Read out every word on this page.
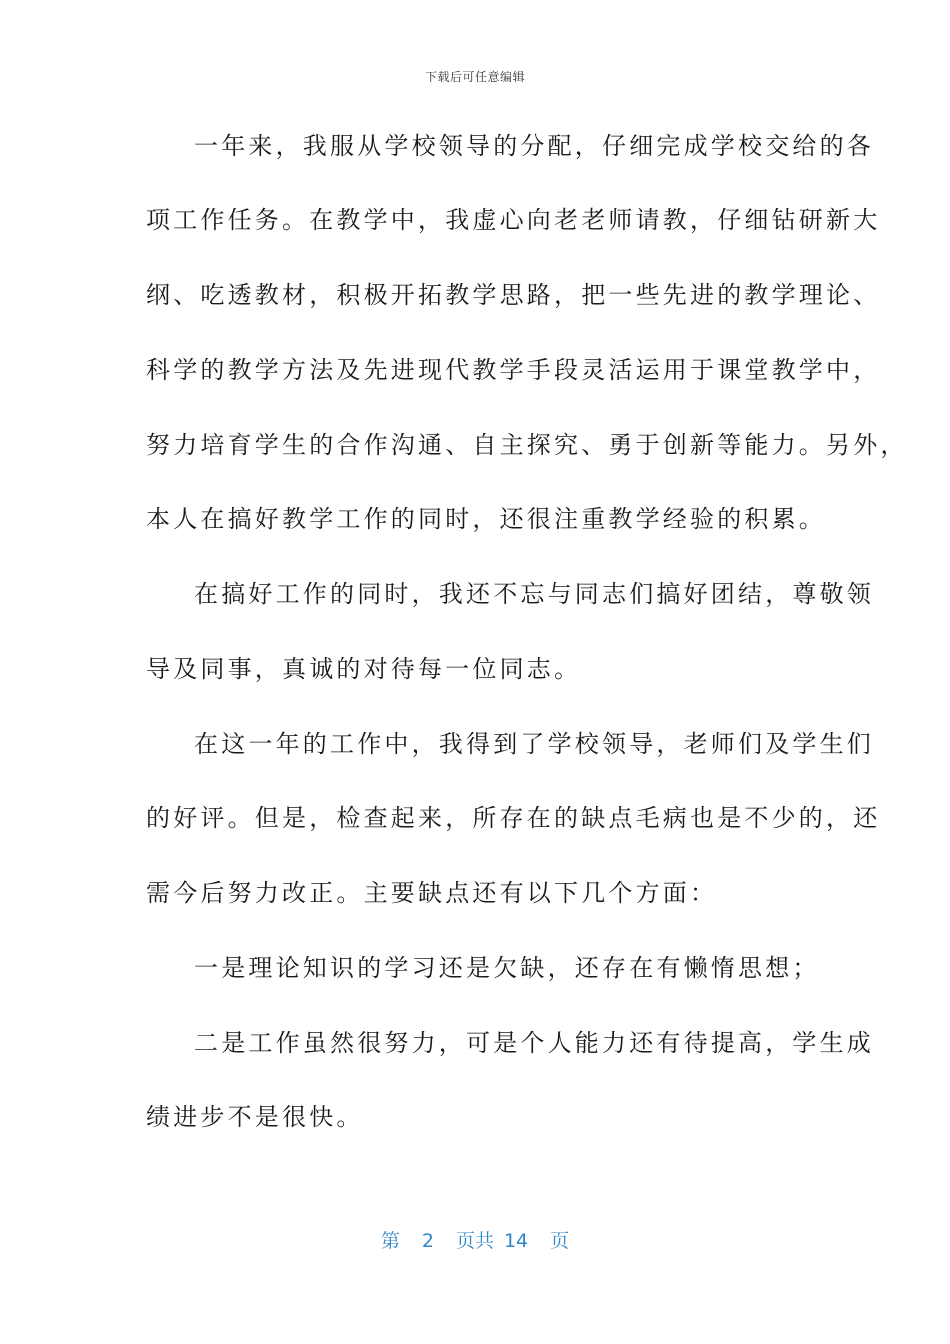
下载后可任意编辑
一年来，我服从学校领导的分配，仔细完成学校交给的各
项工作任务。在教学中，我虚心向老老师请教，仔细钻研新大
纲、吃透教材，积极开拓教学思路，把一些先进的教学理论、
科学的教学方法及先进现代教学手段灵活运用于课堂教学中，
努力培育学生的合作沟通、自主探究、勇于创新等能力。另外，
本人在搞好教学工作的同时，还很注重教学经验的积累。
在搞好工作的同时，我还不忘与同志们搞好团结，尊敬领
导及同事，真诚的对待每一位同志。
在这一年的工作中，我得到了学校领导，老师们及学生们
的好评。但是，检查起来，所存在的缺点毛病也是不少的，还
需今后努力改正。主要缺点还有以下几个方面：
一是理论知识的学习还是欠缺，还存在有懒惰思想；
二是工作虽然很努力，可是个人能力还有待提高，学生成
绩进步不是很快。
第 2 页共 14 页
